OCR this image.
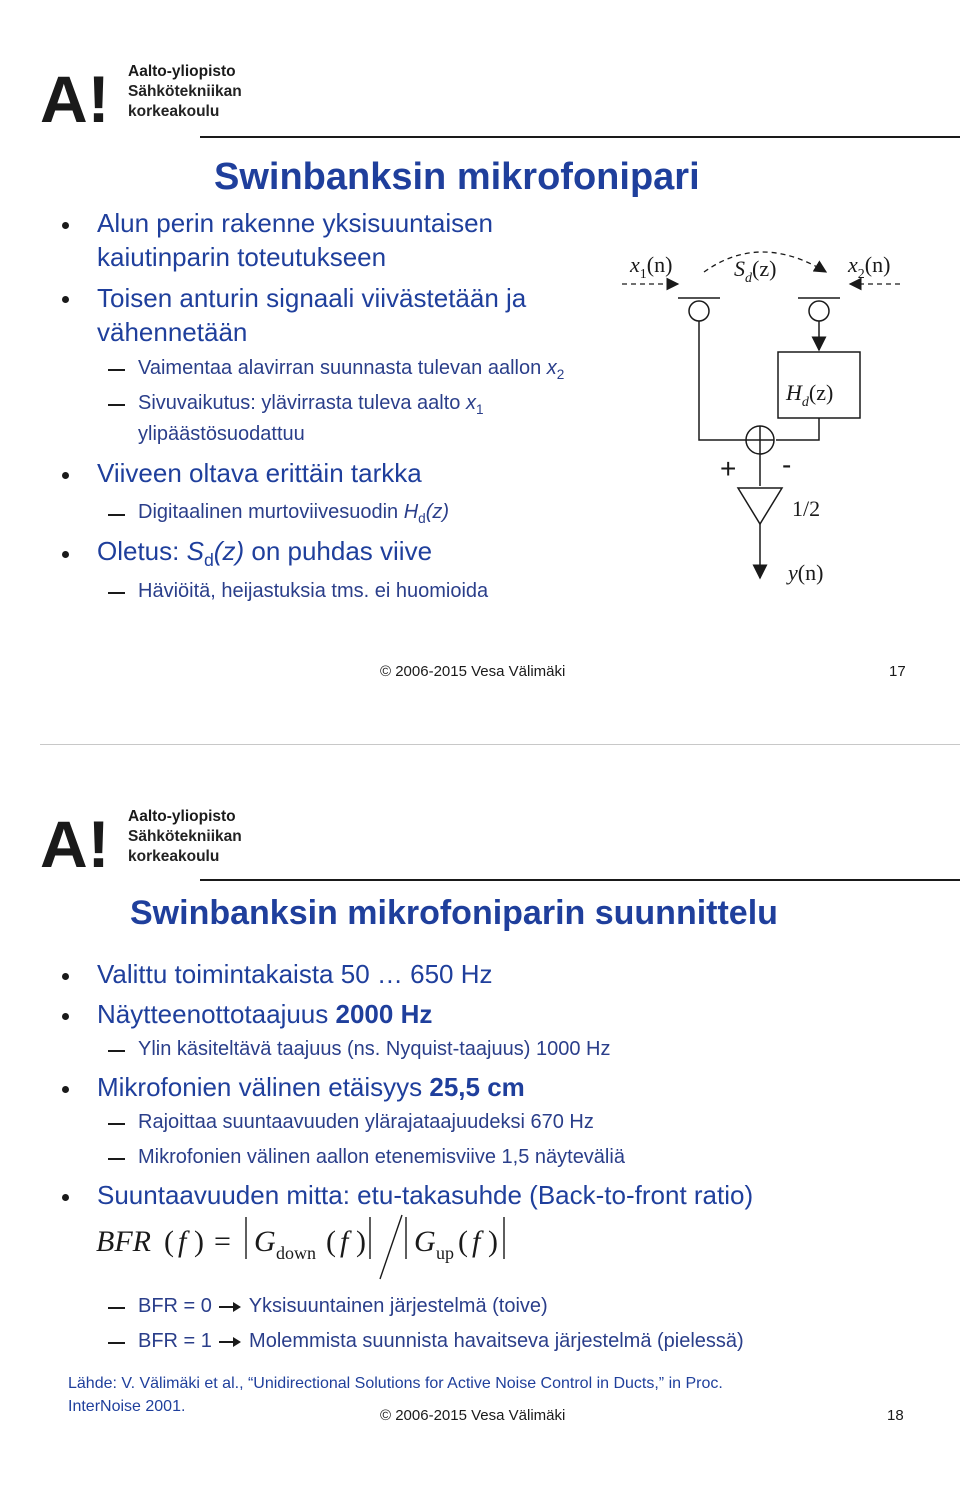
A! Aalto-yliopisto
Sähkötekniikan
korkeakoulu
Swinbanksin mikrofonipari
Alun perin rakenne yksisuuntaisen
kaiutinparin toteutukseen
Toisen anturin signaali viivästetään ja
vähennetään
Vaimentaa alavirran suunnasta tulevan aallon $x_2$
Sivuvaikutus: ylävirrasta tuleva aalto $x_1$
ylipäästösuodattuu
Viiveen oltava erittäin tarkka
Digitaalinen murtoviivesuodin $H_d(z)$
Oletus: $S_d(z)$ on puhdas viive
Häviöitä, heijastuksia tms. ei huomioida
$x_1(n)$	$S_d(z)$	$x_2(n)$
$H_d(z)$
+ -
1/2
y(n)
© 2006-2015 Vesa Välimäki	17
A! Aalto-yliopisto
Sähkötekniikan
korkeakoulu
Swinbanksin mikrofoniparin suunnittelu
Valittu toimintakaista 50 … 650 Hz
Näytteenottotaajuus 2000 Hz
Ylin käsiteltävä taajuus (ns. Nyquist-taajuus) 1000 Hz
Mikrofonien välinen etäisyys 25,5 cm
Rajoittaa suuntaavuuden ylärajataajuudeksi 670 Hz
Mikrofonien välinen aallon etenemisviive 1,5 näyteväliä
Suuntaavuuden mitta: etu-takasuhde (Back-to-front ratio)
BFR ( f ) = G down ( f ) G up ( f )
BFR = 0 Yksisuuntainen järjestelmä (toive)
BFR = 1 Molemmista suunnista havaitseva järjestelmä (pielessä)
Lähde: V. Välimäki et al., “Unidirectional Solutions for Active Noise Control in Ducts,” in Proc.
InterNoise 2001.
© 2006-2015 Vesa Välimäki	18
